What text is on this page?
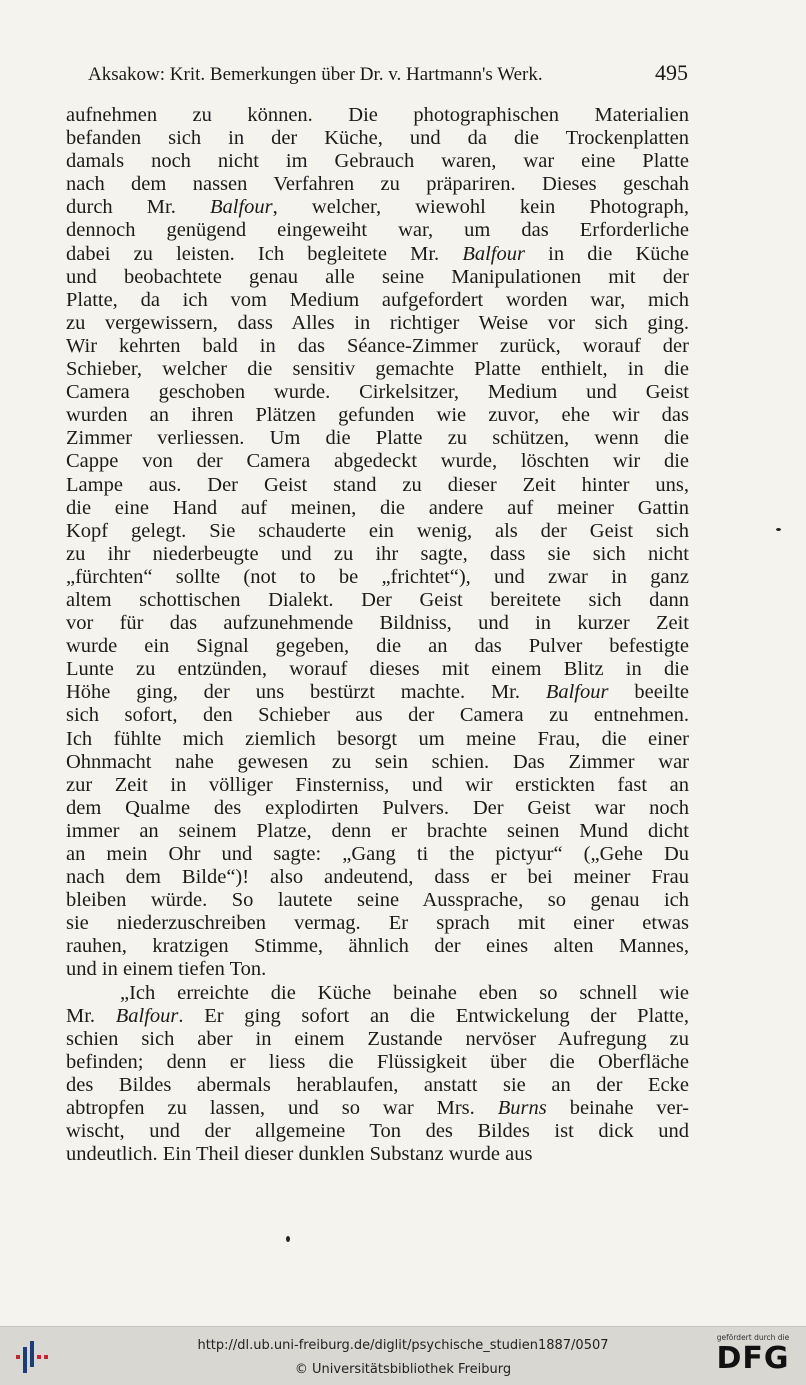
Aksakow: Krit. Bemerkungen über Dr. v. Hartmann's Werk.	495
aufnehmen zu können. Die photographischen Materialien
befanden sich in der Küche, und da die Trockenplatten
damals noch nicht im Gebrauch waren, war eine Platte
nach dem nassen Verfahren zu präpariren. Dieses geschah
durch Mr. Balfour, welcher, wiewohl kein Photograph,
dennoch genügend eingeweiht war, um das Erforderliche
dabei zu leisten. Ich begleitete Mr. Balfour in die Küche
und beobachtete genau alle seine Manipulationen mit der
Platte, da ich vom Medium aufgefordert worden war, mich
zu vergewissern, dass Alles in richtiger Weise vor sich ging.
Wir kehrten bald in das Séance-Zimmer zurück, worauf der
Schieber, welcher die sensitiv gemachte Platte enthielt, in die
Camera geschoben wurde. Cirkelsitzer, Medium und Geist
wurden an ihren Plätzen gefunden wie zuvor, ehe wir das
Zimmer verliessen. Um die Platte zu schützen, wenn die
Cappe von der Camera abgedeckt wurde, löschten wir die
Lampe aus. Der Geist stand zu dieser Zeit hinter uns,
die eine Hand auf meinen, die andere auf meiner Gattin
Kopf gelegt. Sie schauderte ein wenig, als der Geist sich
zu ihr niederbeugte und zu ihr sagte, dass sie sich nicht
„fürchten“ sollte (not to be „frichtet“), und zwar in ganz
altem schottischen Dialekt. Der Geist bereitete sich dann
vor für das aufzunehmende Bildniss, und in kurzer Zeit
wurde ein Signal gegeben, die an das Pulver befestigte
Lunte zu entzünden, worauf dieses mit einem Blitz in die
Höhe ging, der uns bestürzt machte. Mr. Balfour beeilte
sich sofort, den Schieber aus der Camera zu entnehmen.
Ich fühlte mich ziemlich besorgt um meine Frau, die einer
Ohnmacht nahe gewesen zu sein schien. Das Zimmer war
zur Zeit in völliger Finsterniss, und wir erstickten fast an
dem Qualme des explodirten Pulvers. Der Geist war noch
immer an seinem Platze, denn er brachte seinen Mund dicht
an mein Ohr und sagte: „Gang ti the pictyur“ („Gehe Du
nach dem Bilde“)! also andeutend, dass er bei meiner Frau
bleiben würde. So lautete seine Aussprache, so genau ich
sie niederzuschreiben vermag. Er sprach mit einer etwas
rauhen, kratzigen Stimme, ähnlich der eines alten Mannes,
und in einem tiefen Ton.
„Ich erreichte die Küche beinahe eben so schnell wie
Mr. Balfour. Er ging sofort an die Entwickelung der Platte,
schien sich aber in einem Zustande nervöser Aufregung zu
befinden; denn er liess die Flüssigkeit über die Oberfläche
des Bildes abermals herablaufen, anstatt sie an der Ecke
abtropfen zu lassen, und so war Mrs. Burns beinahe ver-
wischt, und der allgemeine Ton des Bildes ist dick und
undeutlich. Ein Theil dieser dunklen Substanz wurde aus
http://dl.ub.uni-freiburg.de/diglit/psychische_studien1887/0507
© Universitätsbibliothek Freiburg
gefördert durch die
DFG
